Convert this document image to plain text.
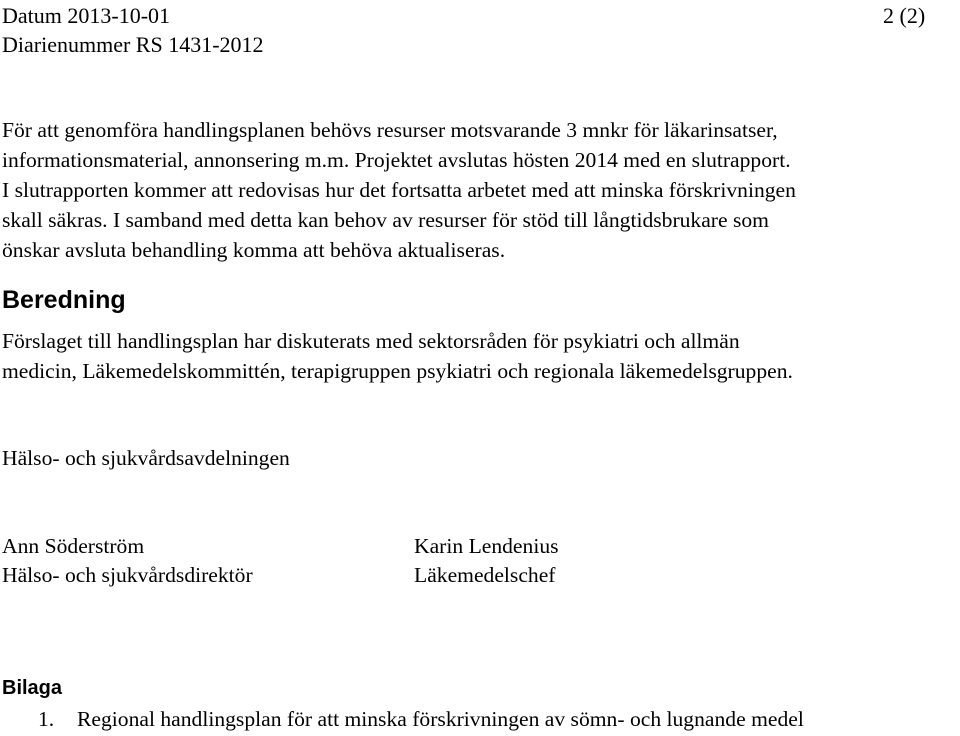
Datum 2013-10-01
Diarienummer RS 1431-2012
2 (2)
För att genomföra handlingsplanen behövs resurser motsvarande 3 mnkr för läkarinsatser,
informationsmaterial, annonsering m.m. Projektet avslutas hösten 2014 med en slutrapport.
I slutrapporten kommer att redovisas hur det fortsatta arbetet med att minska förskrivningen
skall säkras. I samband med detta kan behov av resurser för stöd till långtidsbrukare som
önskar avsluta behandling komma att behöva aktualiseras.
Beredning
Förslaget till handlingsplan har diskuterats med sektorsråden för psykiatri och allmän
medicin, Läkemedelskommittén, terapigruppen psykiatri och regionala läkemedelsgruppen.
Hälso- och sjukvårdsavdelningen
Ann Söderström
Hälso- och sjukvårdsdirektör
Karin Lendenius
Läkemedelschef
Bilaga
1. Regional handlingsplan för att minska förskrivningen av sömn- och lugnande medel
